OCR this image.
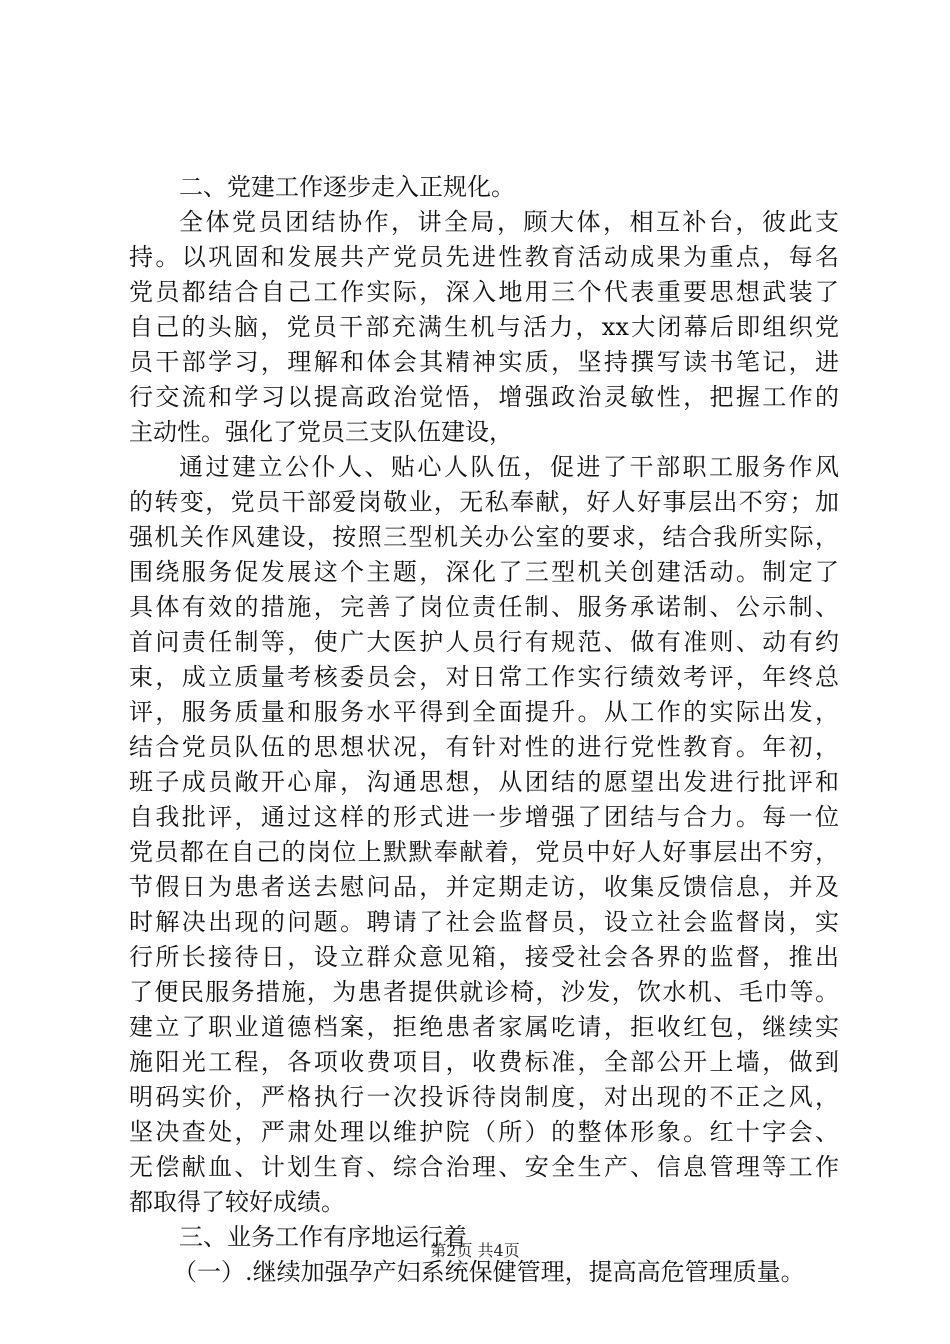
二、党建工作逐步走入正规化。
全体党员团结协作，讲全局，顾大体，相互补台，彼此支
持。以巩固和发展共产党员先进性教育活动成果为重点，每名
党员都结合自己工作实际，深入地用三个代表重要思想武装了
自己的头脑，党员干部充满生机与活力，xx大闭幕后即组织党
员干部学习，理解和体会其精神实质，坚持撰写读书笔记，进
行交流和学习以提高政治觉悟，增强政治灵敏性，把握工作的
主动性。强化了党员三支队伍建设，
通过建立公仆人、贴心人队伍，促进了干部职工服务作风
的转变，党员干部爱岗敬业，无私奉献，好人好事层出不穷；加
强机关作风建设，按照三型机关办公室的要求，结合我所实际，
围绕服务促发展这个主题，深化了三型机关创建活动。制定了
具体有效的措施，完善了岗位责任制、服务承诺制、公示制、
首问责任制等，使广大医护人员行有规范、做有准则、动有约
束，成立质量考核委员会，对日常工作实行绩效考评，年终总
评，服务质量和服务水平得到全面提升。从工作的实际出发，
结合党员队伍的思想状况，有针对性的进行党性教育。年初，
班子成员敞开心扉，沟通思想，从团结的愿望出发进行批评和
自我批评，通过这样的形式进一步增强了团结与合力。每一位
党员都在自己的岗位上默默奉献着，党员中好人好事层出不穷，
节假日为患者送去慰问品，并定期走访，收集反馈信息，并及
时解决出现的问题。聘请了社会监督员，设立社会监督岗，实
行所长接待日，设立群众意见箱，接受社会各界的监督，推出
了便民服务措施，为患者提供就诊椅，沙发，饮水机、毛巾等。
建立了职业道德档案，拒绝患者家属吃请，拒收红包，继续实
施阳光工程，各项收费项目，收费标准，全部公开上墙，做到
明码实价，严格执行一次投诉待岗制度，对出现的不正之风，
坚决查处，严肃处理以维护院（所）的整体形象。红十字会、
无偿献血、计划生育、综合治理、安全生产、信息管理等工作
都取得了较好成绩。
三、业务工作有序地运行着
（一）.继续加强孕产妇系统保健管理，提高高危管理质量。
第2页 共4页
